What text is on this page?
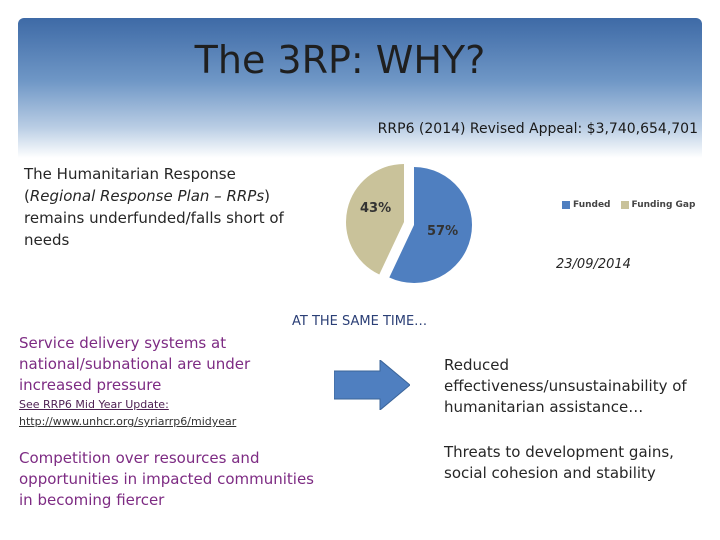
The 3RP: WHY?
RRP6 (2014) Revised Appeal: $3,740,654,701
The Humanitarian Response (Regional Response Plan – RRPs) remains underfunded/falls short of needs
43%
57%
Funded Funding Gap
23/09/2014
AT THE SAME TIME…
Service delivery systems at national/subnational are under increased pressure
See RRP6 Mid Year Update:
http://www.unhcr.org/syriarrp6/midyear
Competition over resources and opportunities in impacted communities in becoming fiercer
Reduced effectiveness/unsustainability of humanitarian assistance…
Threats to development gains, social cohesion and stability
